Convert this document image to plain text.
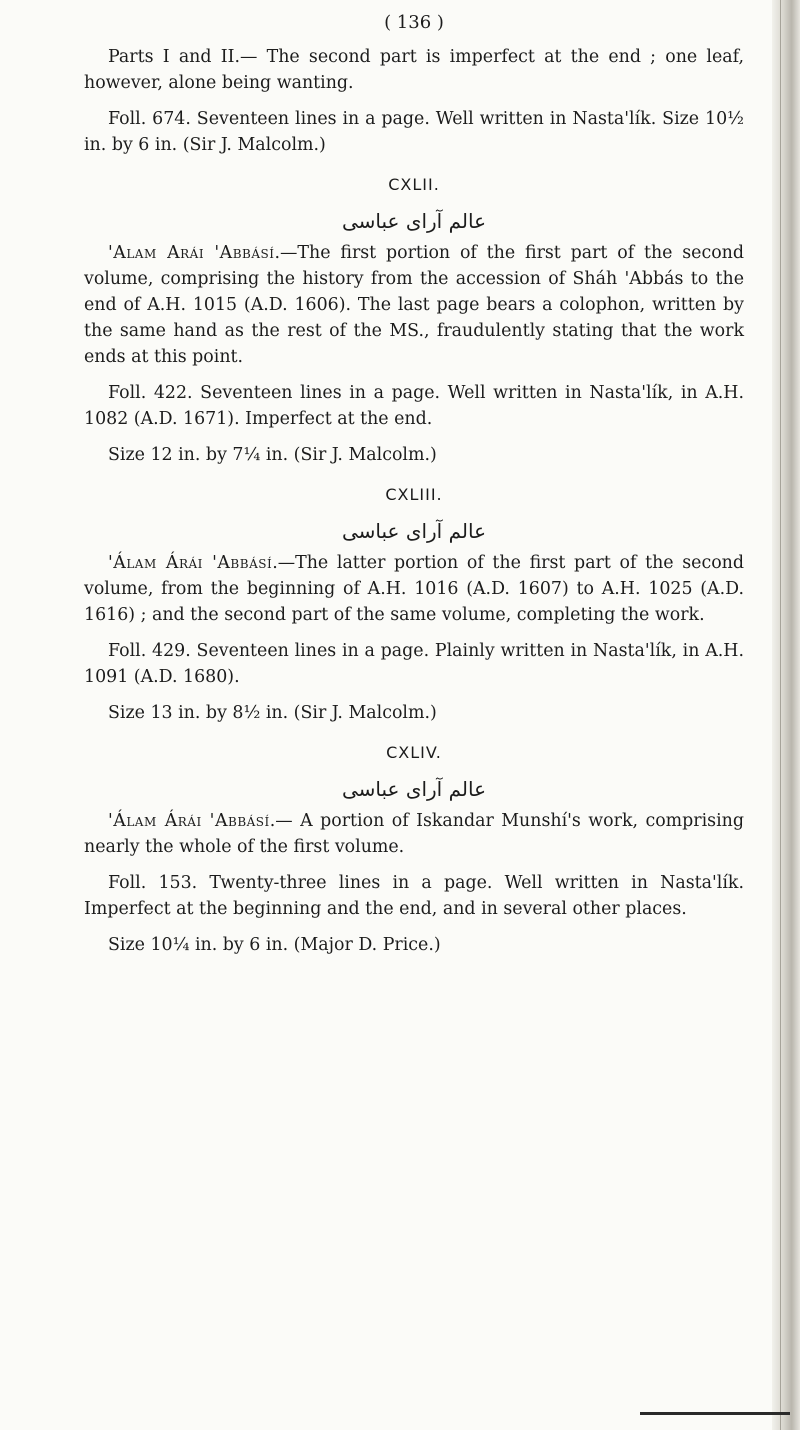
( 136 )

Parts I and II.— The second part is imperfect at the end ; one leaf, however, alone being wanting.

Foll. 674. Seventeen lines in a page. Well written in Nasta'lík. Size 10½ in. by 6 in. (Sir J. Malcolm.)

CXLII.
عالم آرای عباسی

'Alam Arái 'Abbásí.—The first portion of the first part of the second volume, comprising the history from the accession of Sháh 'Abbás to the end of A.H. 1015 (A.D. 1606). The last page bears a colophon, written by the same hand as the rest of the MS., fraudulently stating that the work ends at this point.

Foll. 422. Seventeen lines in a page. Well written in Nasta'lík, in A.H. 1082 (A.D. 1671). Imperfect at the end.

Size 12 in. by 7¼ in. (Sir J. Malcolm.)

CXLIII.
عالم آرای عباسی

'Álam Árái 'Abbásí.—The latter portion of the first part of the second volume, from the beginning of A.H. 1016 (A.D. 1607) to A.H. 1025 (A.D. 1616) ; and the second part of the same volume, completing the work.

Foll. 429. Seventeen lines in a page. Plainly written in Nasta'lík, in A.H. 1091 (A.D. 1680).

Size 13 in. by 8½ in. (Sir J. Malcolm.)

CXLIV.
عالم آرای عباسی

'Álam Árái 'Abbásí.— A portion of Iskandar Munshí's work, comprising nearly the whole of the first volume.

Foll. 153. Twenty-three lines in a page. Well written in Nasta'lík. Imperfect at the beginning and the end, and in several other places.

Size 10¼ in. by 6 in. (Major D. Price.)
